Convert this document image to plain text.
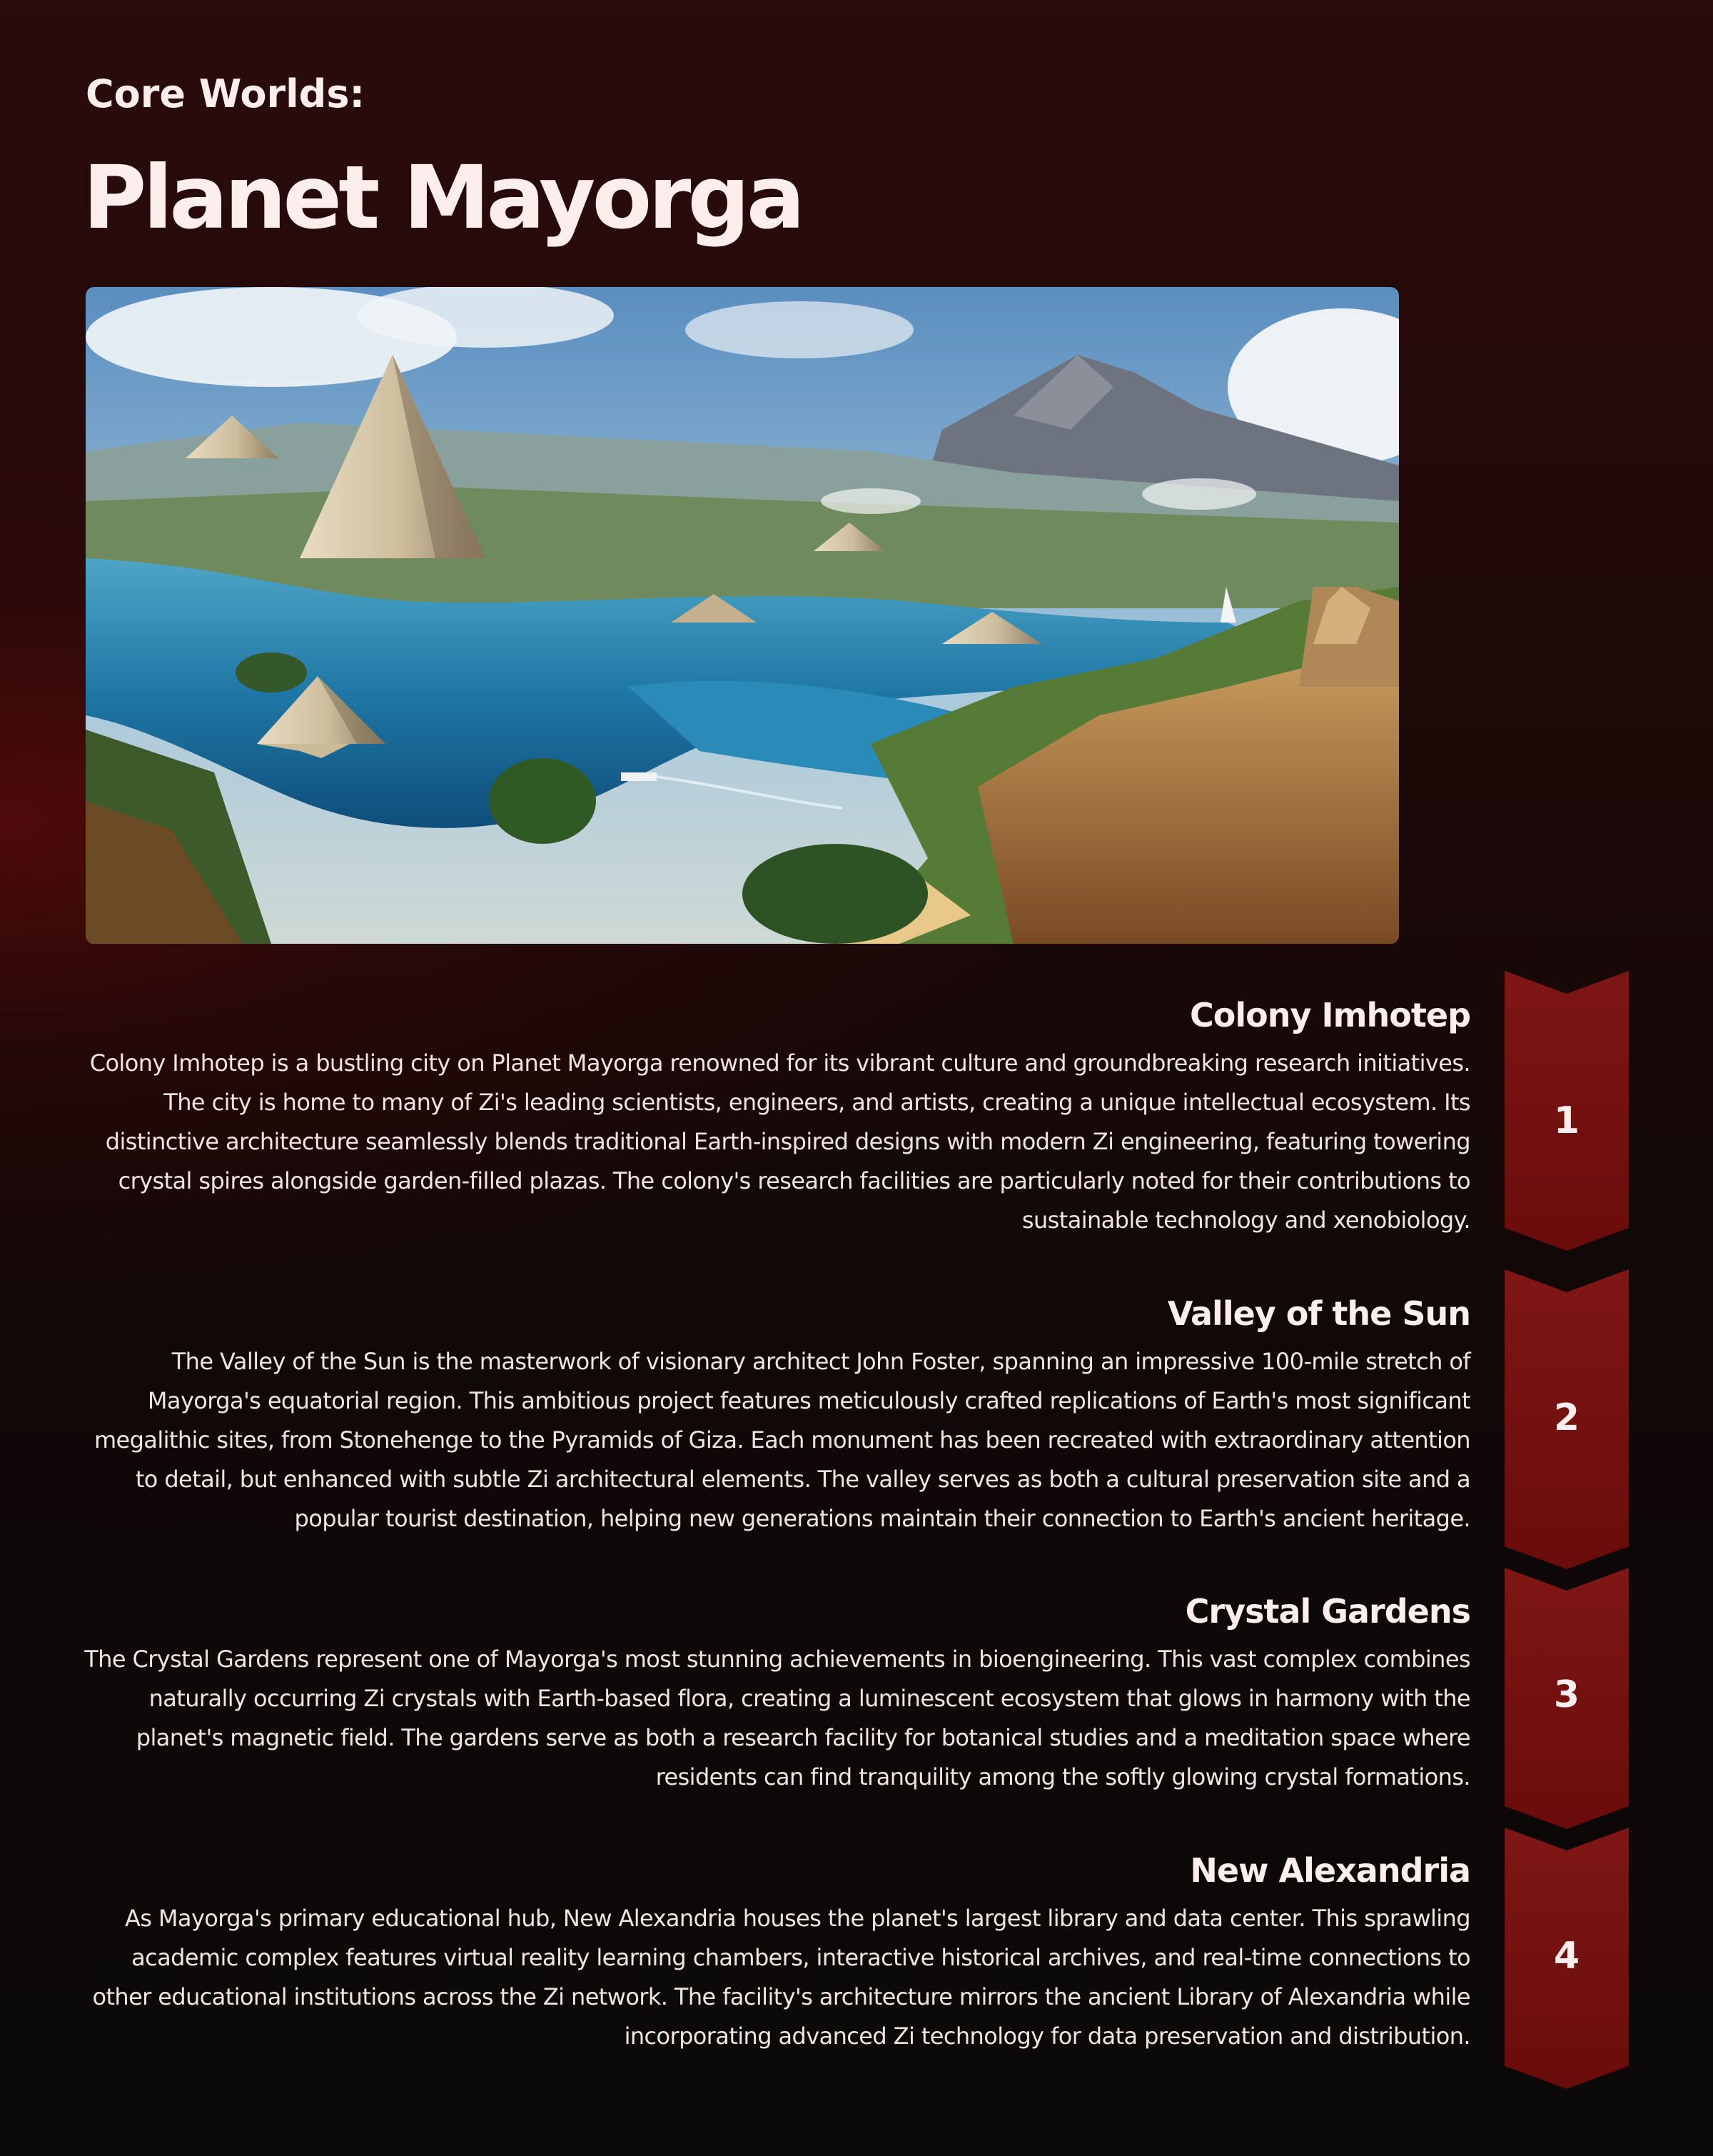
Core Worlds:
Planet Mayorga
Colony Imhotep

Colony Imhotep is a bustling city on Planet Mayorga renowned for its vibrant culture and groundbreaking research initiatives. The city is home to many of Zi's leading scientists, engineers, and artists, creating a unique intellectual ecosystem. Its distinctive architecture seamlessly blends traditional Earth-inspired designs with modern Zi engineering, featuring towering crystal spires alongside garden-filled plazas. The colony's research facilities are particularly noted for their contributions to sustainable technology and xenobiology.

1
Valley of the Sun

The Valley of the Sun is the masterwork of visionary architect John Foster, spanning an impressive 100-mile stretch of Mayorga's equatorial region. This ambitious project features meticulously crafted replications of Earth's most significant megalithic sites, from Stonehenge to the Pyramids of Giza. Each monument has been recreated with extraordinary attention to detail, but enhanced with subtle Zi architectural elements. The valley serves as both a cultural preservation site and a popular tourist destination, helping new generations maintain their connection to Earth's ancient heritage.

2
Crystal Gardens

The Crystal Gardens represent one of Mayorga's most stunning achievements in bioengineering. This vast complex combines naturally occurring Zi crystals with Earth-based flora, creating a luminescent ecosystem that glows in harmony with the planet's magnetic field. The gardens serve as both a research facility for botanical studies and a meditation space where residents can find tranquility among the softly glowing crystal formations.

3
New Alexandria

As Mayorga's primary educational hub, New Alexandria houses the planet's largest library and data center. This sprawling academic complex features virtual reality learning chambers, interactive historical archives, and real-time connections to other educational institutions across the Zi network. The facility's architecture mirrors the ancient Library of Alexandria while incorporating advanced Zi technology for data preservation and distribution.

4
